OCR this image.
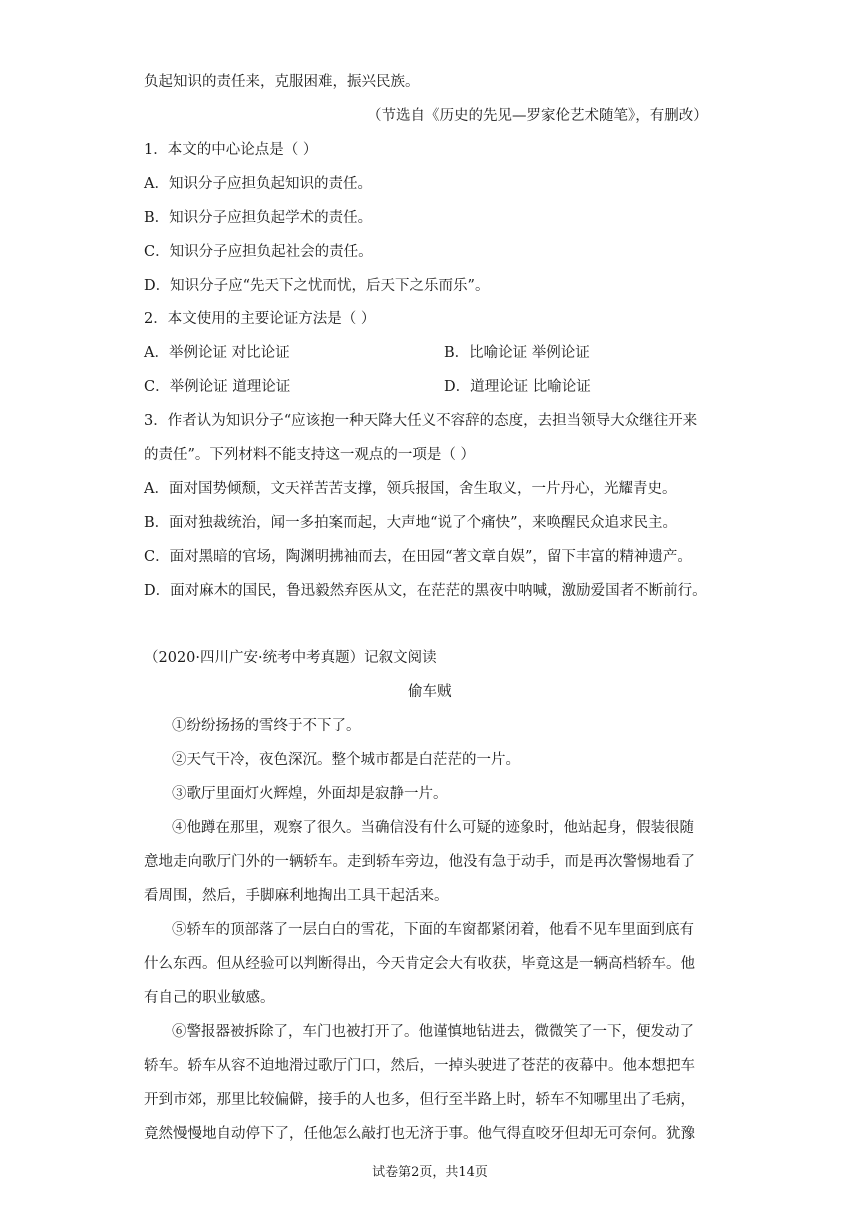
负起知识的责任来，克服困难，振兴民族。
（节选自《历史的先见—罗家伦艺术随笔》，有删改）
1．本文的中心论点是（ ）
A．知识分子应担负起知识的责任。
B．知识分子应担负起学术的责任。
C．知识分子应担负起社会的责任。
D．知识分子应“先天下之忧而忧，后天下之乐而乐”。
2．本文使用的主要论证方法是（ ）
A．举例论证 对比论证	B．比喻论证 举例论证
C．举例论证 道理论证	D．道理论证 比喻论证
3．作者认为知识分子“应该抱一种天降大任义不容辞的态度，去担当领导大众继往开来
的责任”。下列材料不能支持这一观点的一项是（ ）
A．面对国势倾颓，文天祥苦苦支撑，领兵报国，舍生取义，一片丹心，光耀青史。
B．面对独裁统治，闻一多拍案而起，大声地“说了个痛快”，来唤醒民众追求民主。
C．面对黑暗的官场，陶渊明拂袖而去，在田园“著文章自娱”，留下丰富的精神遗产。
D．面对麻木的国民，鲁迅毅然弃医从文，在茫茫的黑夜中呐喊，激励爱国者不断前行。
（2020·四川广安·统考中考真题）记叙文阅读
偷车贼
①纷纷扬扬的雪终于不下了。
②天气干冷，夜色深沉。整个城市都是白茫茫的一片。
③歌厅里面灯火辉煌，外面却是寂静一片。
④他蹲在那里，观察了很久。当确信没有什么可疑的迹象时，他站起身，假装很随
意地走向歌厅门外的一辆轿车。走到轿车旁边，他没有急于动手，而是再次警惕地看了
看周围，然后，手脚麻利地掏出工具干起活来。
⑤轿车的顶部落了一层白白的雪花，下面的车窗都紧闭着，他看不见车里面到底有
什么东西。但从经验可以判断得出，今天肯定会大有收获，毕竟这是一辆高档轿车。他
有自己的职业敏感。
⑥警报器被拆除了，车门也被打开了。他谨慎地钻进去，微微笑了一下，便发动了
轿车。轿车从容不迫地滑过歌厅门口，然后，一掉头驶进了苍茫的夜幕中。他本想把车
开到市郊，那里比较偏僻，接手的人也多，但行至半路上时，轿车不知哪里出了毛病，
竟然慢慢地自动停下了，任他怎么敲打也无济于事。他气得直咬牙但却无可奈何。犹豫
试卷第2页，共14页
